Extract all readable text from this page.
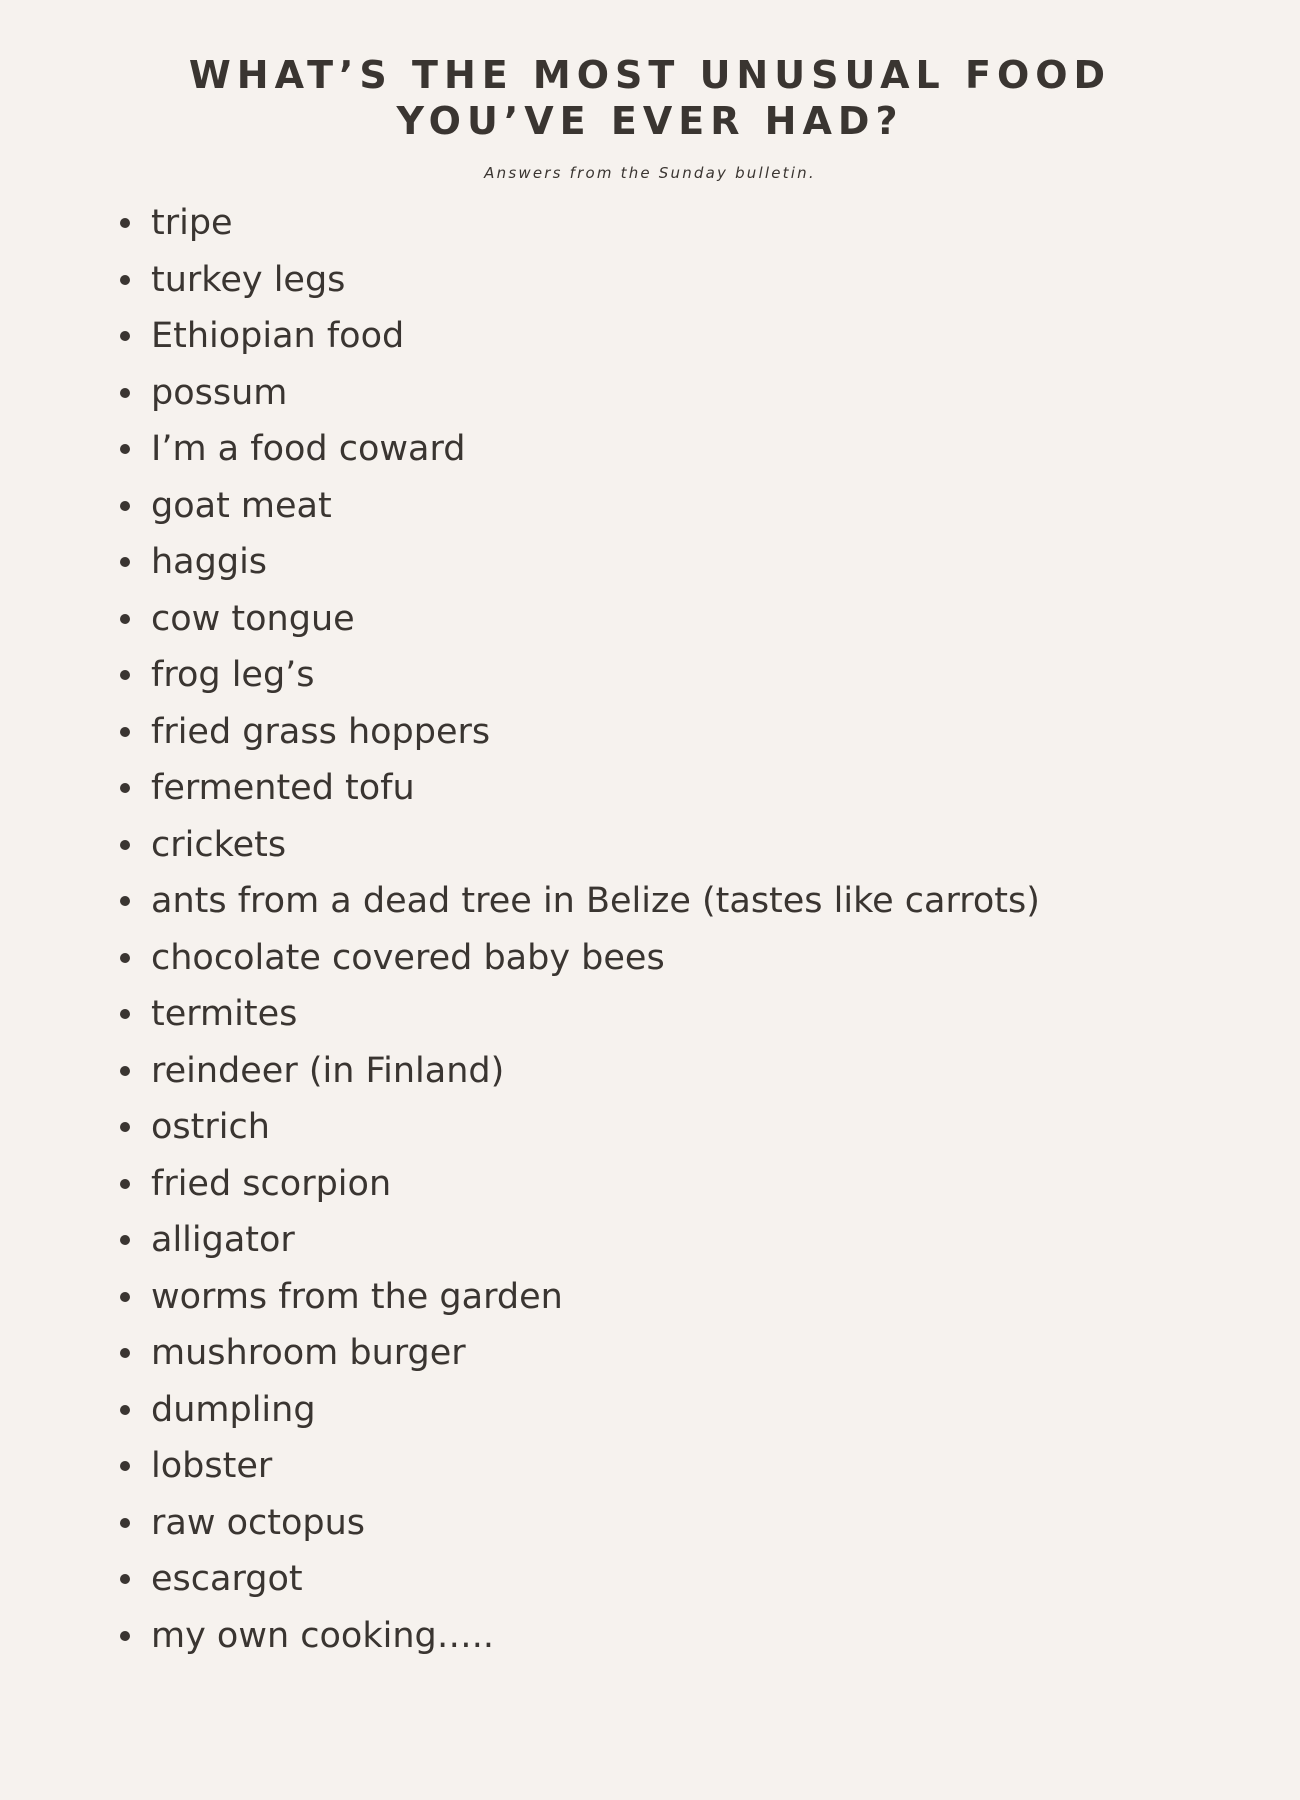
WHAT’S THE MOST UNUSUAL FOOD
YOU’VE EVER HAD?
Answers from the Sunday bulletin.
tripe
turkey legs
Ethiopian food
possum
I’m a food coward
goat meat
haggis
cow tongue
frog leg’s
fried grass hoppers
fermented tofu
crickets
ants from a dead tree in Belize (tastes like carrots)
chocolate covered baby bees
termites
reindeer (in Finland)
ostrich
fried scorpion
alligator
worms from the garden
mushroom burger
dumpling
lobster
raw octopus
escargot
my own cooking…..
